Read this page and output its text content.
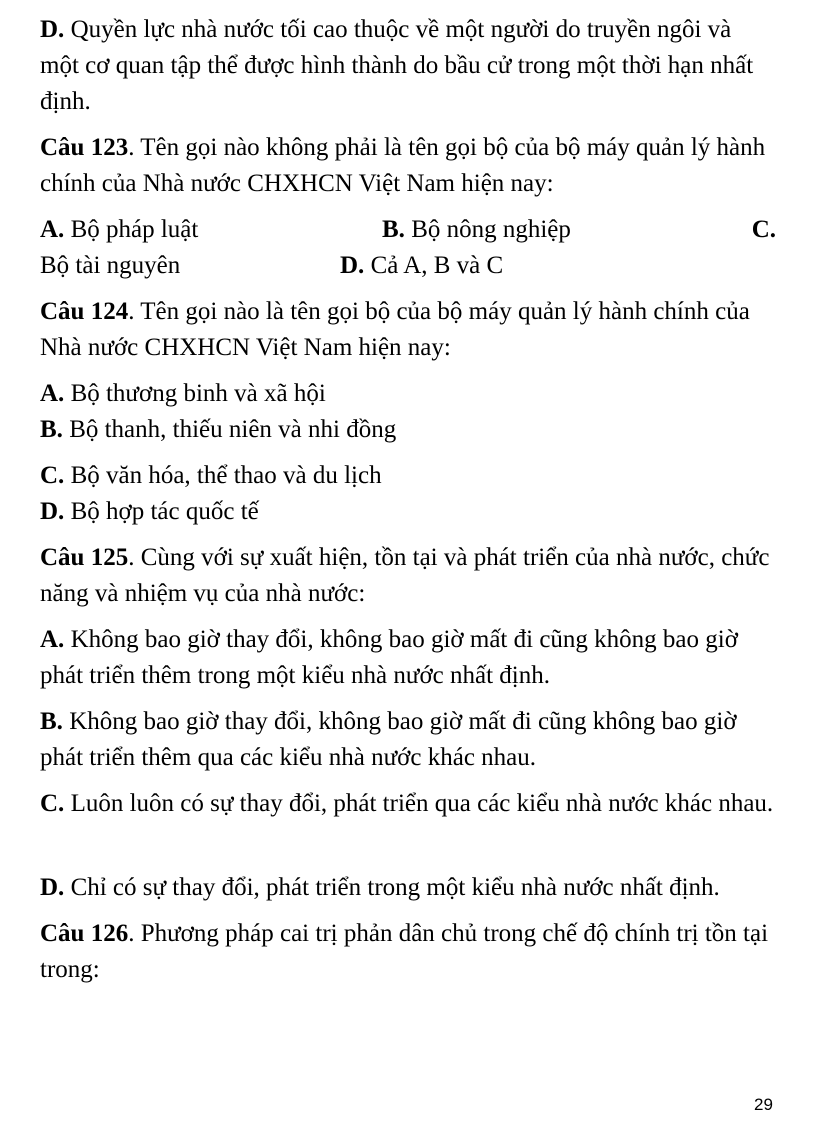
D. Quyền lực nhà nước tối cao thuộc về một người do truyền ngôi và một cơ quan tập thể được hình thành do bầu cử trong một thời hạn nhất định.

Câu 123. Tên gọi nào không phải là tên gọi bộ của bộ máy quản lý hành chính của Nhà nước CHXHCN Việt Nam hiện nay:

A. Bộ pháp luật	B. Bộ nông nghiệp	C.
Bộ tài nguyên	D. Cả A, B và C

Câu 124. Tên gọi nào là tên gọi bộ của bộ máy quản lý hành chính của Nhà nước CHXHCN Việt Nam hiện nay:

A. Bộ thương binh và xã hội

B. Bộ thanh, thiếu niên và nhi đồng

C. Bộ văn hóa, thể thao và du lịch

D. Bộ hợp tác quốc tế

Câu 125. Cùng với sự xuất hiện, tồn tại và phát triển của nhà nước, chức năng và nhiệm vụ của nhà nước:

A. Không bao giờ thay đổi, không bao giờ mất đi cũng không bao giờ phát triển thêm trong một kiểu nhà nước nhất định.

B. Không bao giờ thay đổi, không bao giờ mất đi cũng không bao giờ phát triển thêm qua các kiểu nhà nước khác nhau.

C. Luôn luôn có sự thay đổi, phát triển qua các kiểu nhà nước khác nhau.

D. Chỉ có sự thay đổi, phát triển trong một kiểu nhà nước nhất định.

Câu 126. Phương pháp cai trị phản dân chủ trong chế độ chính trị tồn tại trong:

29
